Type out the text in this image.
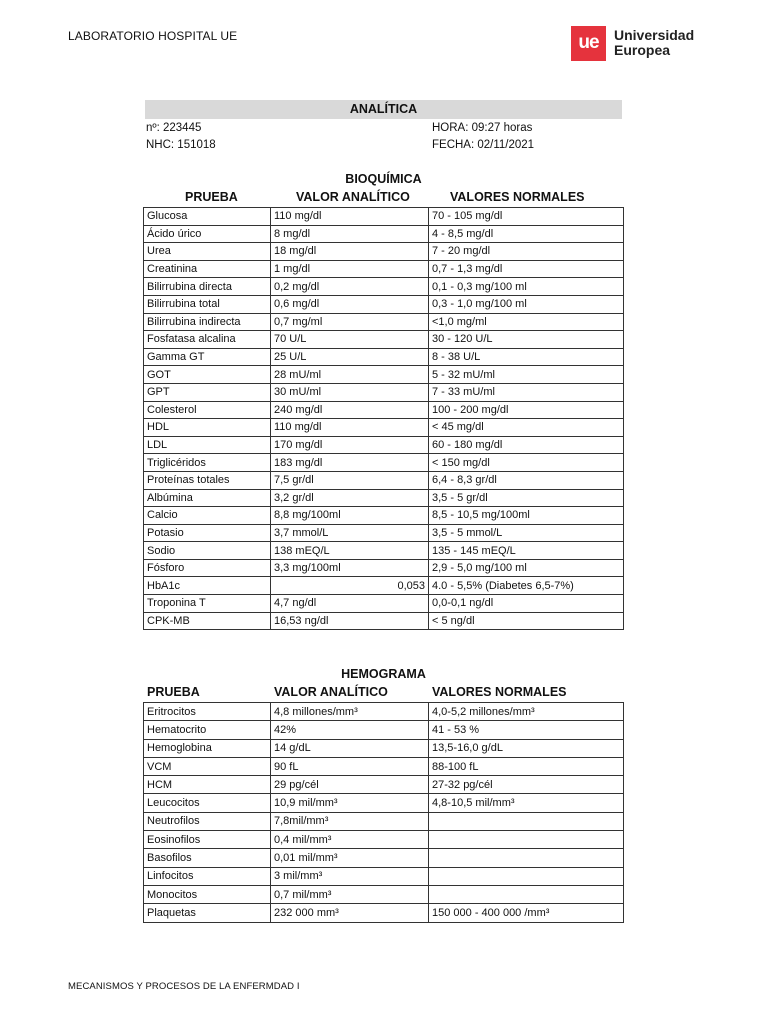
LABORATORIO HOSPITAL UE	ue	Universidad
Europea
ANALÍTICA
nº: 223445
NHC: 151018
HORA: 09:27 horas
FECHA: 02/11/2021
BIOQUÍMICA
PRUEBA	VALOR ANALÍTICO	VALORES NORMALES
Glucosa	110 mg/dl	70 - 105 mg/dl
Ácido úrico	8 mg/dl	4 - 8,5 mg/dl
Urea	18 mg/dl	7 - 20 mg/dl
Creatinina	1 mg/dl	0,7 - 1,3 mg/dl
Bilirrubina directa	0,2 mg/dl	0,1 - 0,3 mg/100 ml
Bilirrubina total	0,6 mg/dl	0,3 - 1,0 mg/100 ml
Bilirrubina indirecta	0,7 mg/ml	<1,0 mg/ml
Fosfatasa alcalina	70 U/L	30 - 120 U/L
Gamma GT	25 U/L	8 - 38 U/L
GOT	28 mU/ml	5 - 32 mU/ml
GPT	30 mU/ml	7 - 33 mU/ml
Colesterol	240 mg/dl	100 - 200 mg/dl
HDL	110 mg/dl	< 45 mg/dl
LDL	170 mg/dl	60 - 180 mg/dl
Triglicéridos	183 mg/dl	< 150 mg/dl
Proteínas totales	7,5 gr/dl	6,4 - 8,3 gr/dl
Albúmina	3,2 gr/dl	3,5 - 5 gr/dl
Calcio	8,8 mg/100ml	8,5 - 10,5 mg/100ml
Potasio	3,7 mmol/L	3,5 - 5 mmol/L
Sodio	138 mEQ/L	135 - 145 mEQ/L
Fósforo	3,3 mg/100ml	2,9 - 5,0 mg/100 ml
HbA1c	0,053	4.0 - 5,5% (Diabetes 6,5-7%)
Troponina T	4,7 ng/dl	0,0-0,1 ng/dl
CPK-MB	16,53 ng/dl	< 5 ng/dl
HEMOGRAMA
PRUEBA	VALOR ANALÍTICO	VALORES NORMALES
Eritrocitos	4,8 millones/mm³	4,0-5,2 millones/mm³
Hematocrito	42%	41 - 53 %
Hemoglobina	14 g/dL	13,5-16,0 g/dL
VCM	90 fL	88-100 fL
HCM	29 pg/cél	27-32 pg/cél
Leucocitos	10,9 mil/mm³	4,8-10,5 mil/mm³
Neutrofilos	7,8mil/mm³	
Eosinofilos	0,4 mil/mm³	
Basofilos	0,01 mil/mm³	
Linfocitos	3 mil/mm³	
Monocitos	0,7 mil/mm³	
Plaquetas	232 000 mm³	150 000 - 400 000 /mm³
MECANISMOS Y PROCESOS DE LA ENFERMDAD I
